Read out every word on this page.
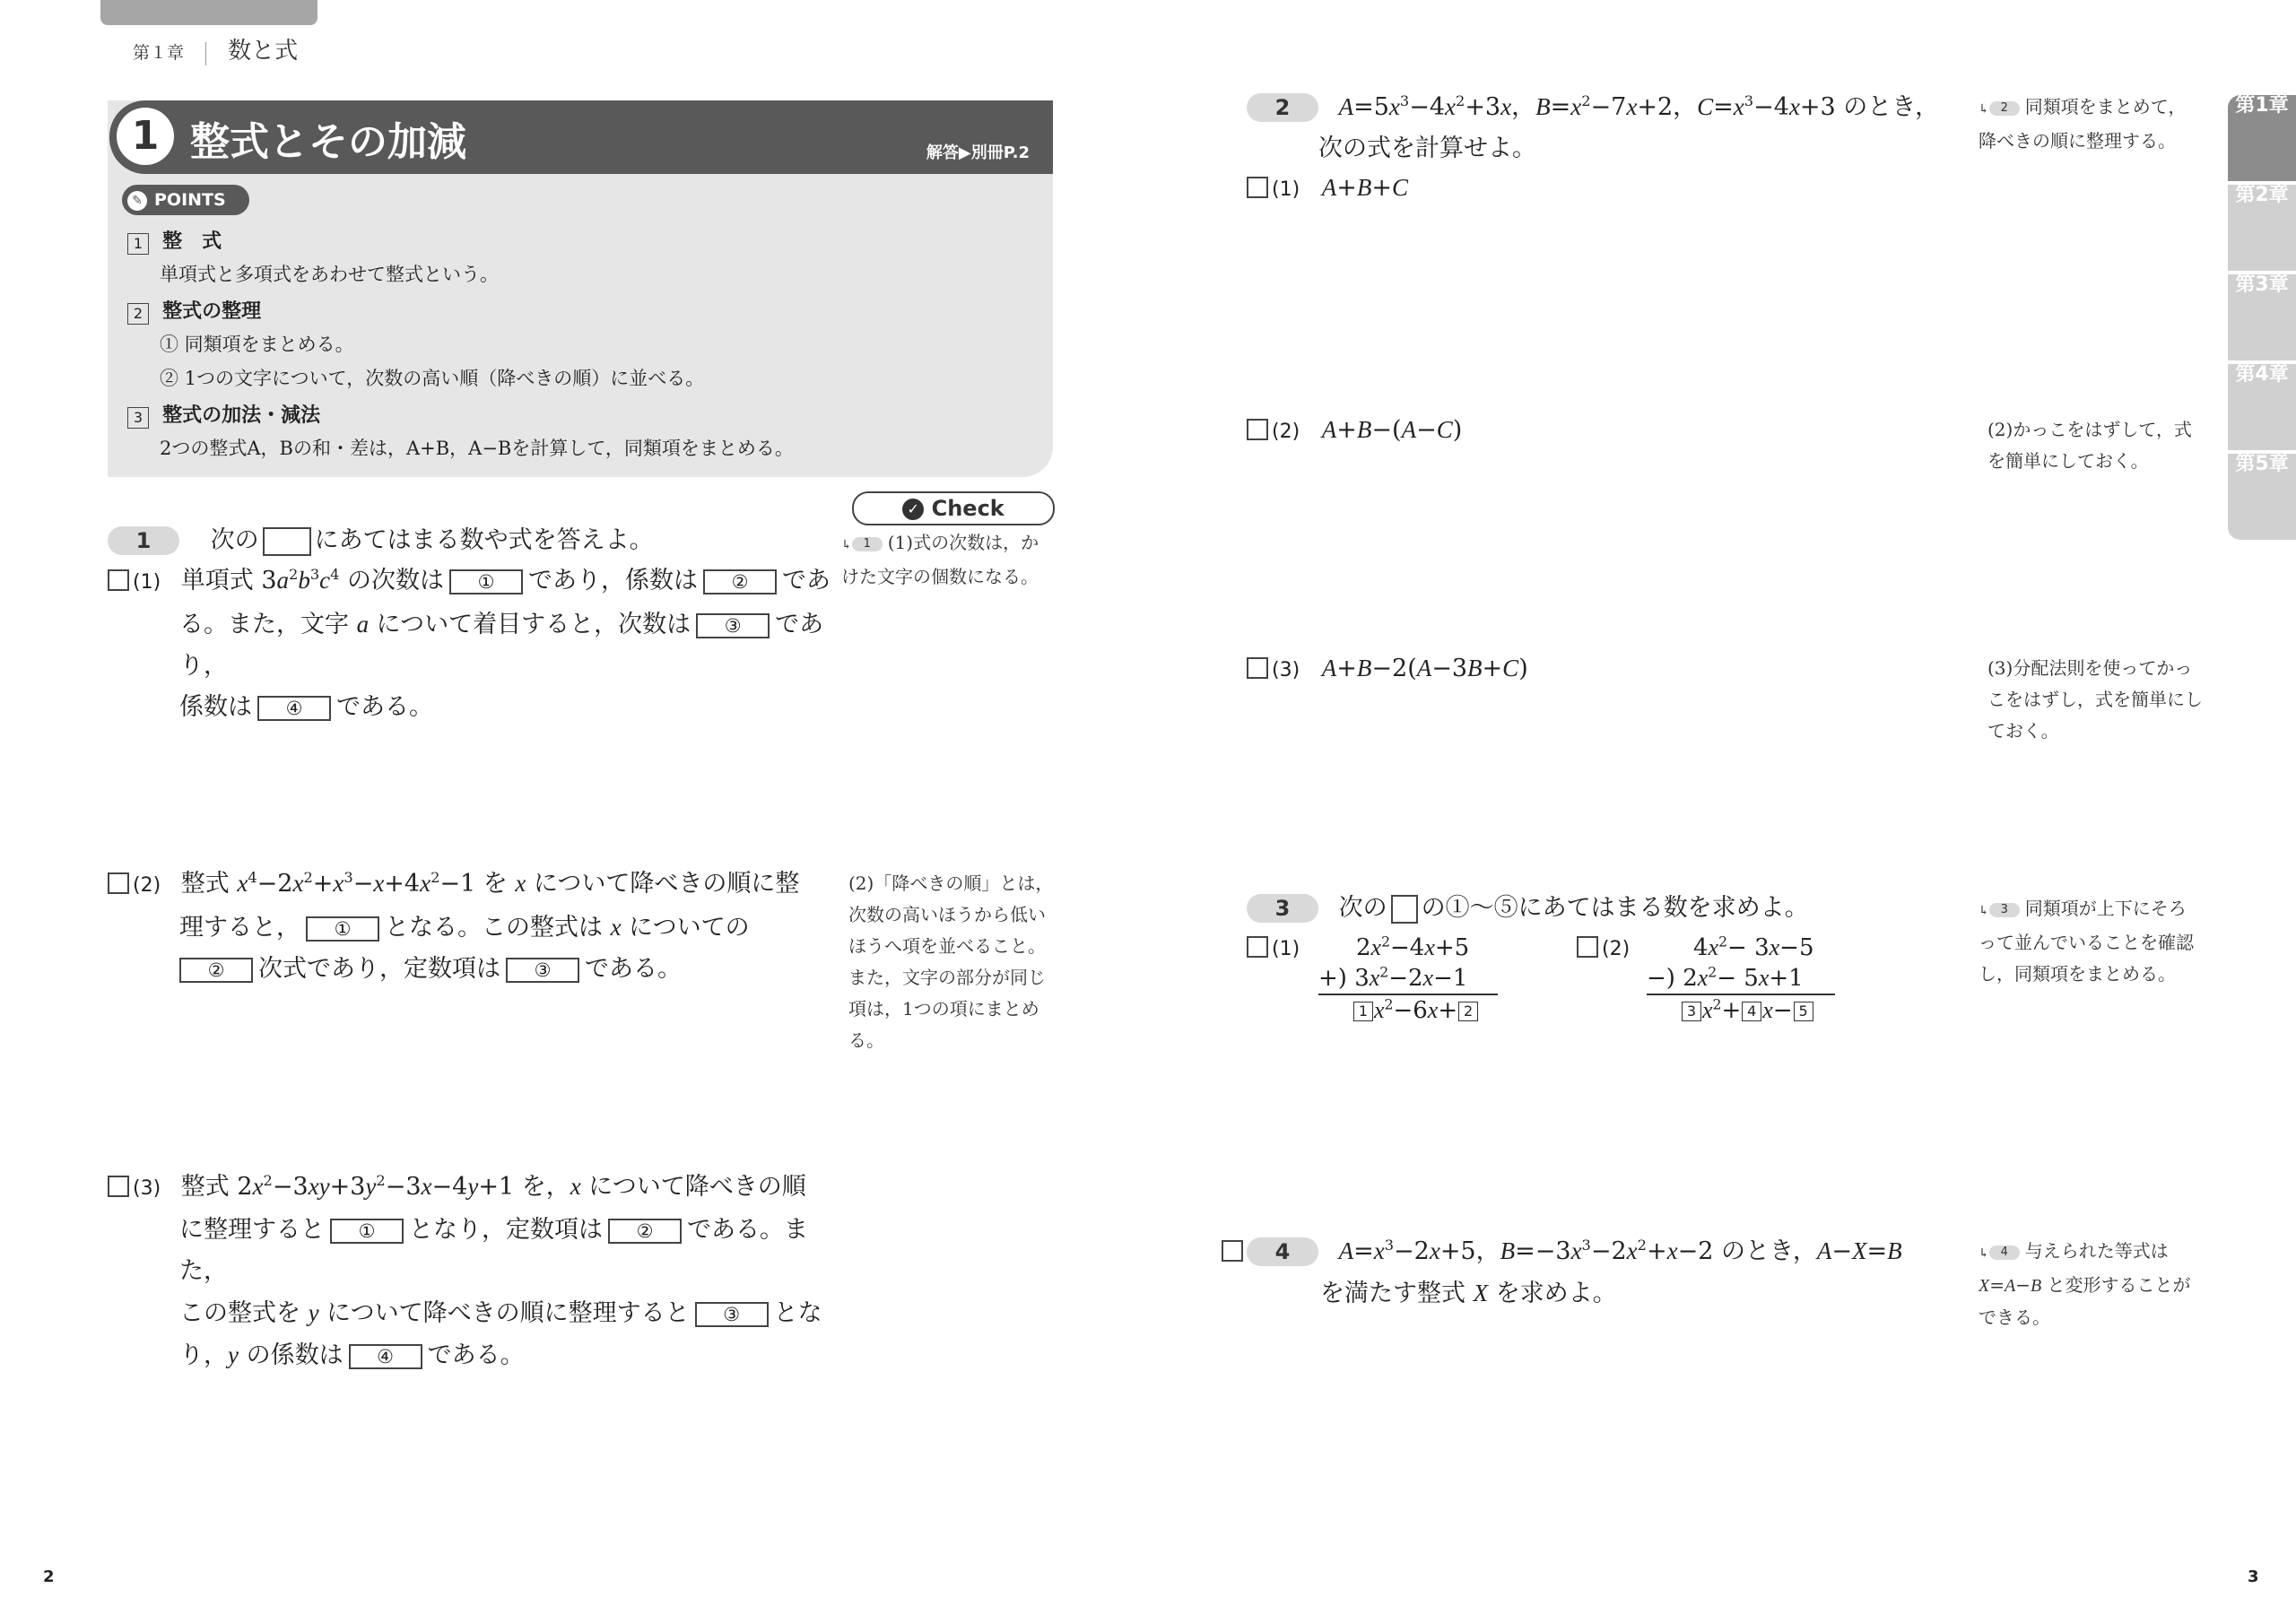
第１章 数と式
1 整式とその加減	解答▶別冊P.2
✎ POINTS
1 整　式
単項式と多項式をあわせて整式という。
2 整式の整理
① 同類項をまとめる。
② 1つの文字について，次数の高い順（降べきの順）に並べる。
3 整式の加法・減法
2つの整式A，Bの和・差は，A+B，A−Bを計算して，同類項をまとめる。
✓ Check
1 次の にあてはまる数や式を答えよ。
(1) 単項式 $3a^2b^3c^4$ の次数は ① であり，係数は ② であ
る。また，文字 a について着目すると，次数は ③ であり，
係数は ④ である。
↳ 1 (1)式の次数は，かけた文字の個数になる。
(2) 整式 $x^4-2x^2+x^3-x+4x^2-1$ を x について降べきの順に整
理すると， ① となる。この整式は x についての
② 次式であり，定数項は ③ である。
(2)「降べきの順」とは，次数の高いほうから低いほうへ項を並べること。また，文字の部分が同じ項は，1つの項にまとめる。
(3) 整式 $2x^2-3xy+3y^2-3x-4y+1$ を，x について降べきの順
に整理すると ① となり，定数項は ② である。また，
この整式を y について降べきの順に整理すると ③ とな
り，y の係数は ④ である。
2 $A=5x^3-4x^2+3x$，$B=x^2-7x+2$，$C=x^3-4x+3$ のとき，
次の式を計算せよ。
↳ 2 同類項をまとめて，降べきの順に整理する。
(1) A+B+C
(2) A+B−(A−C)	(2)かっこをはずして，式を簡単にしておく。
(3) A+B−2(A−3B+C)	(3)分配法則を使ってかっこをはずし，式を簡単にしておく。
3 次の の①〜⑤にあてはまる数を求めよ。	↳ 3 同類項が上下にそろって並んでいることを確認し，同類項をまとめる。
(1)	$2x^2-4x+5$
+) $3x^2-2x-1$
1 $x^2-6x+ 2$
(2)	$4x^2- 3x-5$
−) $2x^2- 5x+1$
3 $x^2+ 4$ x− 5
4 $A=x^3-2x+5$，$B=-3x^3-2x^2+x-2$ のとき，A−X=B
を満たす整式 X を求めよ。
↳ 4 与えられた等式は
X=A−B と変形することができる。
第1章
第2章
第3章
第4章
第5章
2	3
